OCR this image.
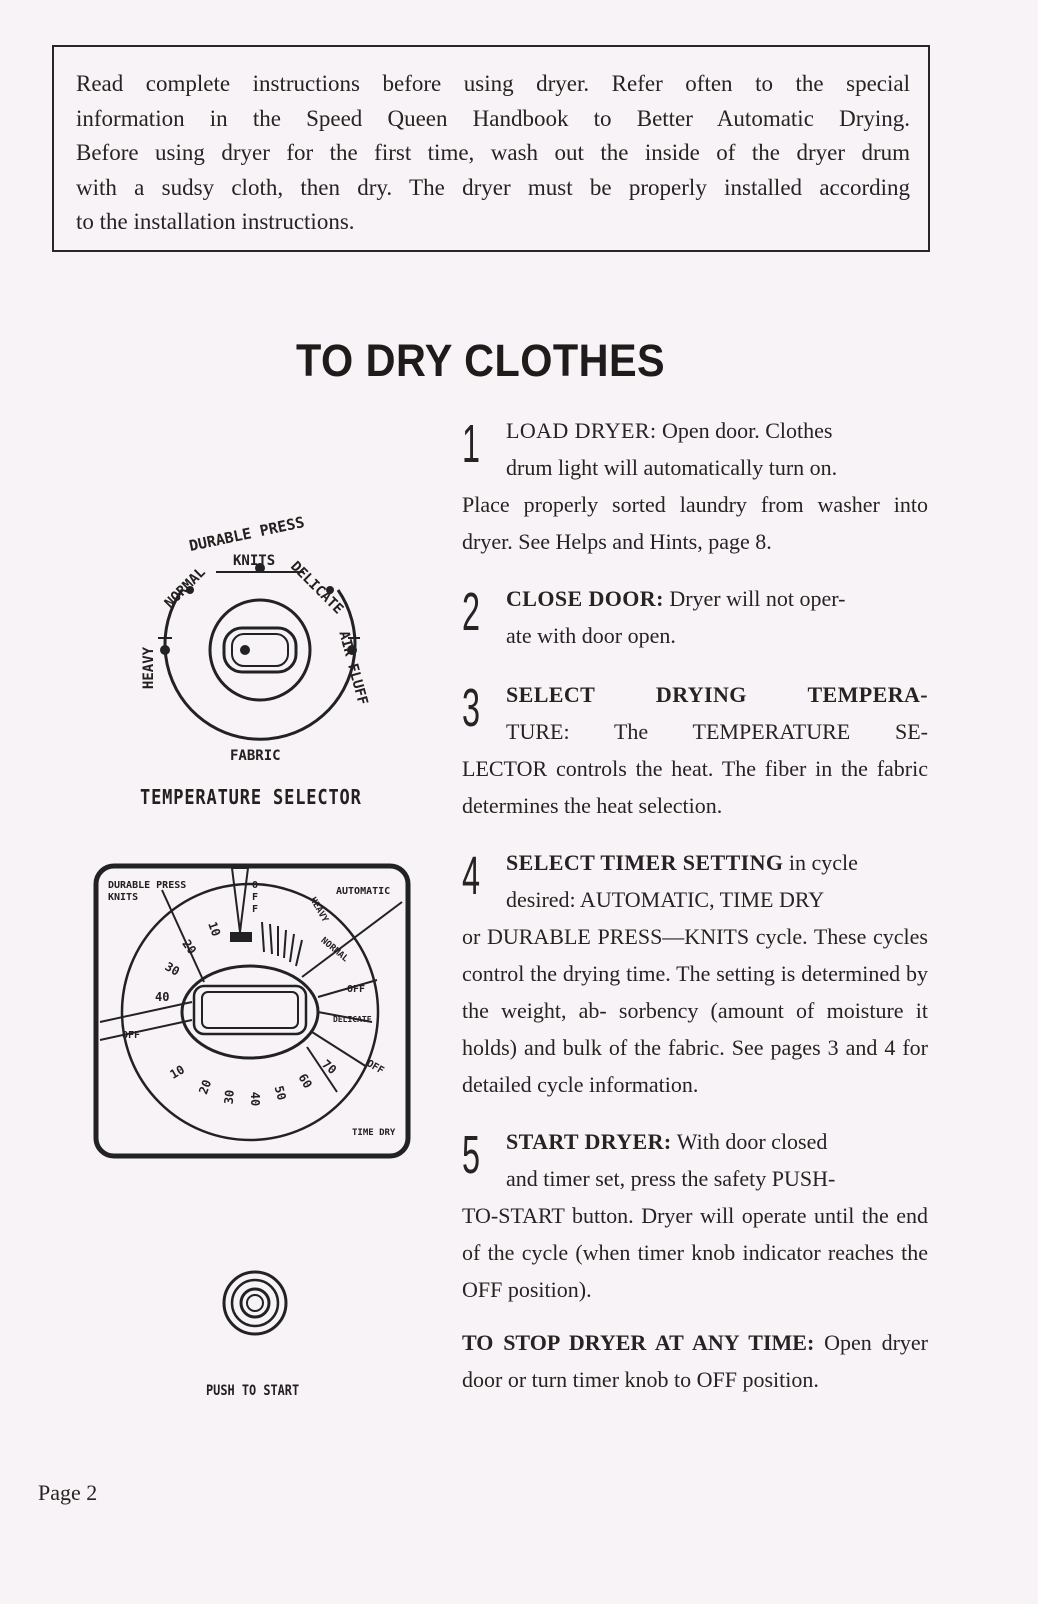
Read complete instructions before using dryer. Refer often to the special
information in the Speed Queen Handbook to Better Automatic Drying.
Before using dryer for the first time, wash out the inside of the dryer drum
with a sudsy cloth, then dry. The dryer must be properly installed according
to the installation instructions.
TO DRY CLOTHES
DURABLE PRESS
KNITS
NORMAL	DELICATE
HEAVY	AIR FLUFF
FABRIC
TEMPERATURE SELECTOR
DURABLE PRESS KNITS
AUTOMATIC
OFF	HEAVY
NORMAL
OFF
DELICATE
OFF
OFF
TIME DRY
10
20
30
40
10
20
30 40 50
60
70
PUSH TO START
1 LOAD DRYER: Open door. Clothes
drum light will automatically turn on.
Place properly sorted laundry from washer into dryer. See Helps and Hints, page 8.
2 CLOSE DOOR: Dryer will not oper-
ate with door open.
3 SELECT DRYING TEMPERA-
TURE: The TEMPERATURE SE-
LECTOR controls the heat. The fiber in the fabric determines the heat selection.
4 SELECT TIMER SETTING in cycle
desired: AUTOMATIC, TIME DRY
or DURABLE PRESS—KNITS cycle. These cycles control the drying time. The setting is determined by the weight, ab- sorbency (amount of moisture it holds) and bulk of the fabric. See pages 3 and 4 for detailed cycle information.
5 START DRYER: With door closed
and timer set, press the safety PUSH-
TO-START button. Dryer will operate until the end of the cycle (when timer knob indicator reaches the OFF position).
TO STOP DRYER AT ANY TIME: Open dryer door or turn timer knob to OFF position.
Page 2
